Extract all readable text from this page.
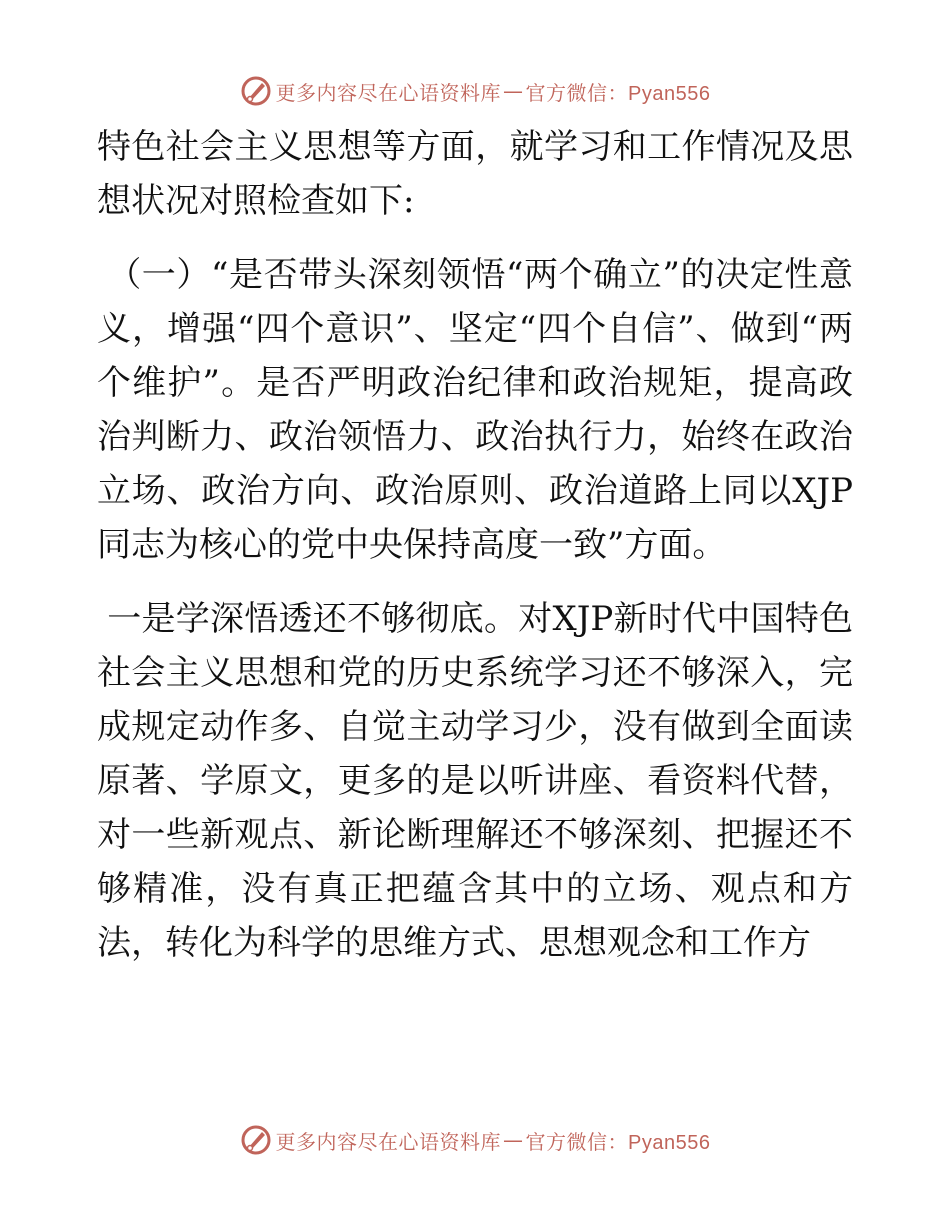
更多内容尽在心语资料库 — 官方微信：Pyan556

特色社会主义思想等方面，就学习和工作情况及思想状况对照检查如下:

（一）“是否带头深刻领悟“两个确立”的决定性意义，增强“四个意识”、坚定“四个自信”、做到“两个维护”。是否严明政治纪律和政治规矩，提高政治判断力、政治领悟力、政治执行力，始终在政治立场、政治方向、政治原则、政治道路上同以XJP同志为核心的党中央保持高度一致”方面。

一是学深悟透还不够彻底。对XJP新时代中国特色社会主义思想和党的历史系统学习还不够深入，完成规定动作多、自觉主动学习少，没有做到全面读原著、学原文，更多的是以听讲座、看资料代替，对一些新观点、新论断理解还不够深刻、把握还不够精准，没有真正把蕴含其中的立场、观点和方法，转化为科学的思维方式、思想观念和工作方

更多内容尽在心语资料库 — 官方微信：Pyan556
